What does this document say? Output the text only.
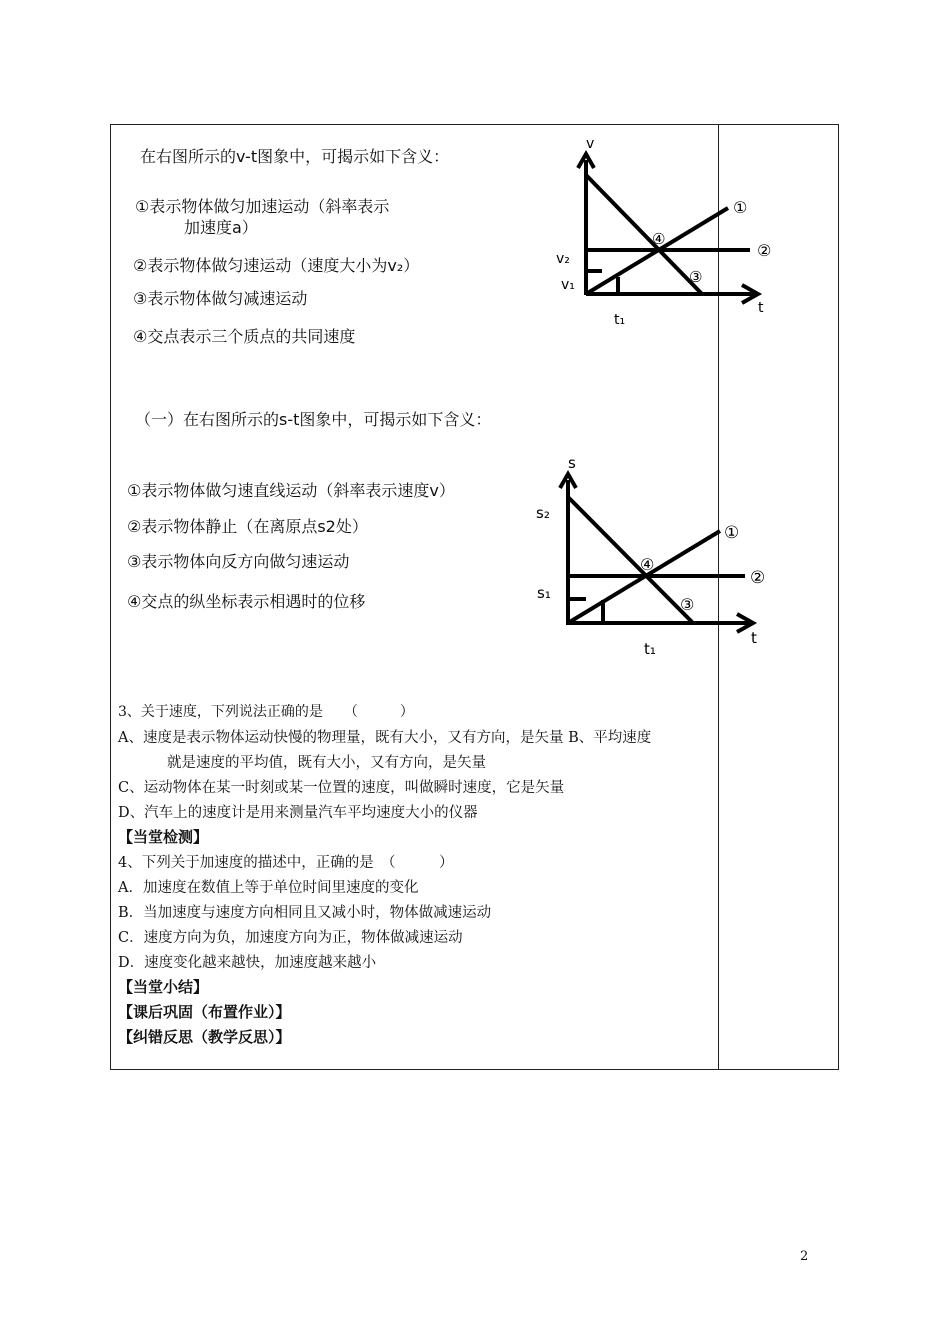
在右图所示的v-t图象中，可揭示如下含义：
①表示物体做匀加速运动（斜率表示
加速度a）
②表示物体做匀速运动（速度大小为v₂）
③表示物体做匀减速运动
④交点表示三个质点的共同速度
v
t
v₂
v₁
t₁
①
②
③
④
（一）在右图所示的s-t图象中，可揭示如下含义：
①表示物体做匀速直线运动（斜率表示速度v）
②表示物体静止（在离原点s2处）
③表示物体向反方向做匀速运动
④交点的纵坐标表示相遇时的位移
s
t
s₂
s₁
t₁
①
②
③
④
3、关于速度，下列说法正确的是　　（　　　）
A、速度是表示物体运动快慢的物理量，既有大小，又有方向，是矢量 B、平均速度
就是速度的平均值，既有大小，又有方向，是矢量
C、运动物体在某一时刻或某一位置的速度，叫做瞬时速度，它是矢量
D、汽车上的速度计是用来测量汽车平均速度大小的仪器
【当堂检测】
4、下列关于加速度的描述中，正确的是　（　　　）
A．加速度在数值上等于单位时间里速度的变化
B．当加速度与速度方向相同且又减小时，物体做减速运动
C．速度方向为负，加速度方向为正，物体做减速运动
D．速度变化越来越快，加速度越来越小
【当堂小结】
【课后巩固（布置作业）】
【纠错反思（教学反思）】
2
